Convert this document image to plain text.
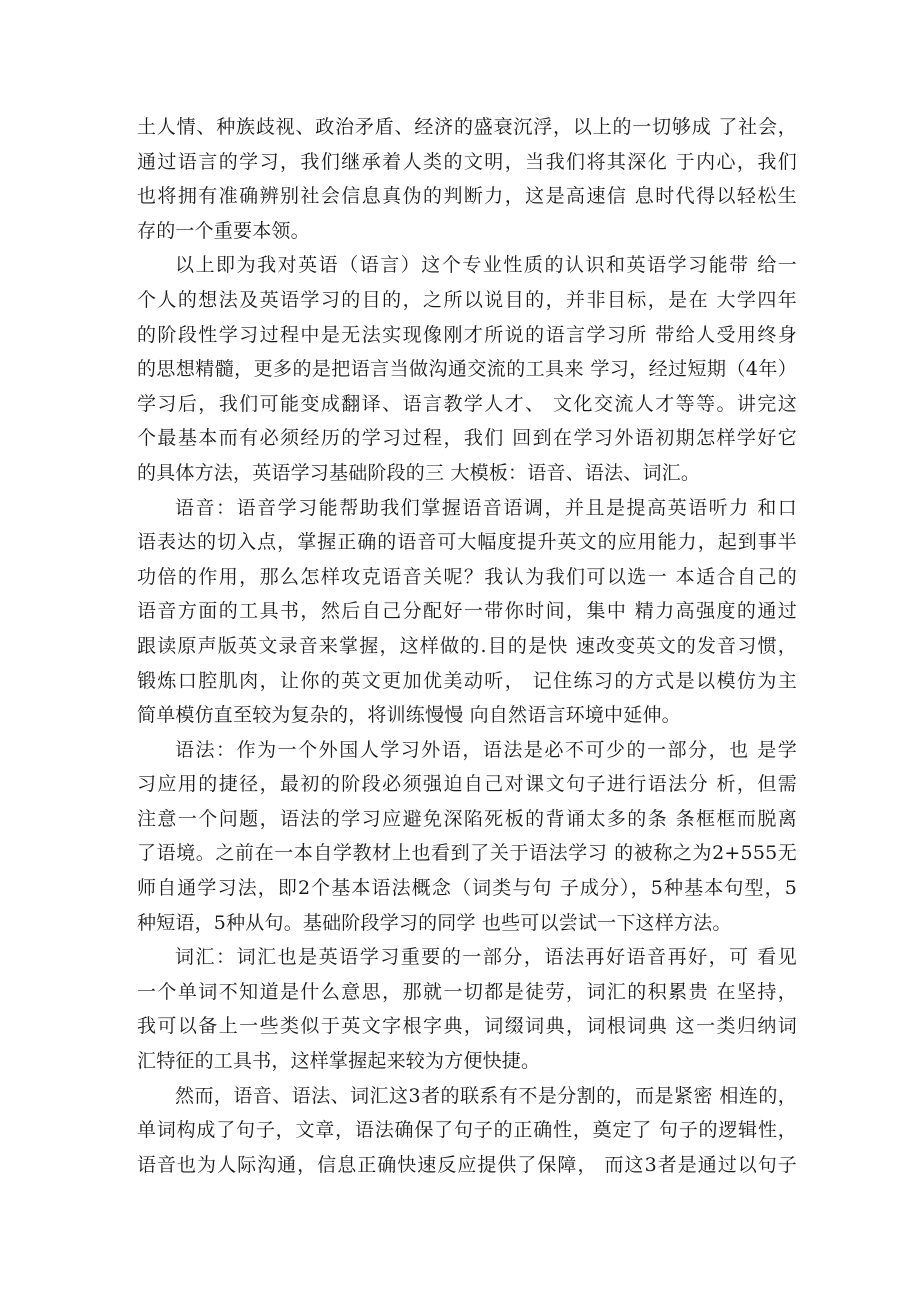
土人情、种族歧视、政治矛盾、经济的盛衰沉浮，以上的一切够成 了社会，
通过语言的学习，我们继承着人类的文明，当我们将其深化 于内心，我们
也将拥有准确辨别社会信息真伪的判断力，这是高速信 息时代得以轻松生
存的一个重要本领。
以上即为我对英语（语言）这个专业性质的认识和英语学习能带 给一
个人的想法及英语学习的目的，之所以说目的，并非目标，是在 大学四年
的阶段性学习过程中是无法实现像刚才所说的语言学习所 带给人受用终身
的思想精髓，更多的是把语言当做沟通交流的工具来 学习，经过短期（4年）
学习后，我们可能变成翻译、语言教学人才、 文化交流人才等等。讲完这
个最基本而有必须经历的学习过程，我们 回到在学习外语初期怎样学好它
的具体方法，英语学习基础阶段的三 大模板：语音、语法、词汇。
语音：语音学习能帮助我们掌握语音语调，并且是提高英语听力 和口
语表达的切入点，掌握正确的语音可大幅度提升英文的应用能力，起到事半
功倍的作用，那么怎样攻克语音关呢？我认为我们可以选一 本适合自己的
语音方面的工具书，然后自己分配好一带你时间，集中 精力高强度的通过
跟读原声版英文录音来掌握，这样做的.目的是快 速改变英文的发音习惯，
锻炼口腔肌肉，让你的英文更加优美动听， 记住练习的方式是以模仿为主
简单模仿直至较为复杂的，将训练慢慢 向自然语言环境中延伸。
语法：作为一个外国人学习外语，语法是必不可少的一部分，也 是学
习应用的捷径，最初的阶段必须强迫自己对课文句子进行语法分 析，但需
注意一个问题，语法的学习应避免深陷死板的背诵太多的条 条框框而脱离
了语境。之前在一本自学教材上也看到了关于语法学习 的被称之为2+555无
师自通学习法，即2个基本语法概念（词类与句 子成分），5种基本句型，5
种短语，5种从句。基础阶段学习的同学 也些可以尝试一下这样方法。
词汇：词汇也是英语学习重要的一部分，语法再好语音再好，可 看见
一个单词不知道是什么意思，那就一切都是徒劳，词汇的积累贵 在坚持，
我可以备上一些类似于英文字根字典，词缀词典，词根词典 这一类归纳词
汇特征的工具书，这样掌握起来较为方便快捷。
然而，语音、语法、词汇这3者的联系有不是分割的，而是紧密 相连的，
单词构成了句子，文章，语法确保了句子的正确性，奠定了 句子的逻辑性，
语音也为人际沟通，信息正确快速反应提供了保障， 而这3者是通过以句子
